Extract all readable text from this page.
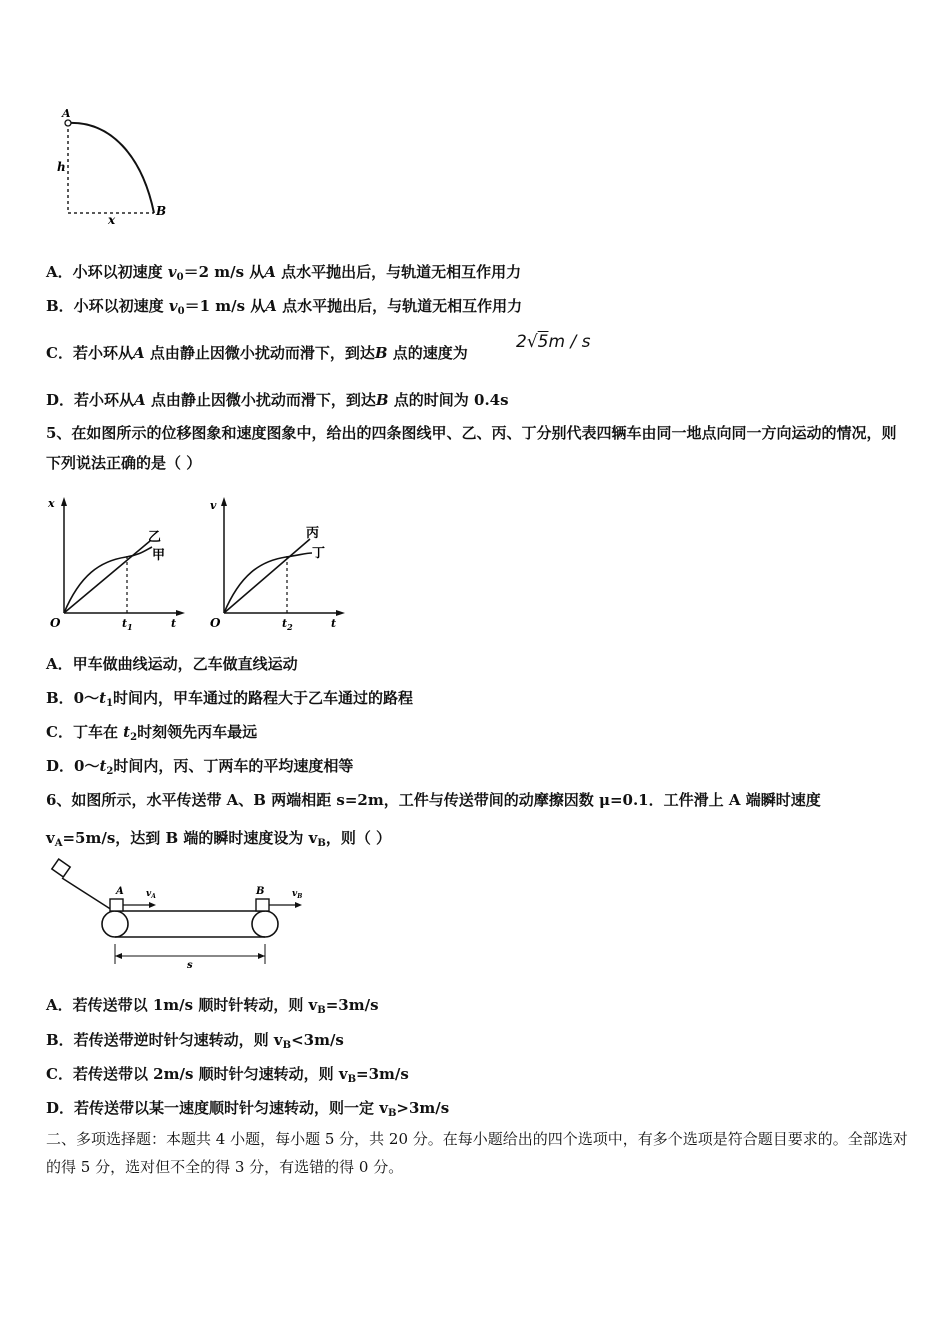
A
B
h
x
A．小环以初速度 $v_0=2$ m/s 从A 点水平抛出后，与轨道无相互作用力
B．小环以初速度 $v_0=1$ m/s 从A 点水平抛出后，与轨道无相互作用力
C．若小环从A 点由静止因微小扰动而滑下，到达B 点的速度为
2√5m / s
D．若小环从A 点由静止因微小扰动而滑下，到达B 点的时间为 0.4s
5、在如图所示的位移图象和速度图象中，给出的四条图线甲、乙、丙、丁分别代表四辆车由同一地点向同一方向运动的情况，则下列说法正确的是（ ）
x
t
O	$t_1$
乙
甲
v
t
O	$t_2$
丙
丁
A．甲车做曲线运动，乙车做直线运动
B．$0\sim t_1$时间内，甲车通过的路程大于乙车通过的路程
C．丁车在 $t_2$时刻领先丙车最远
D．$0\sim t_2$时间内，丙、丁两车的平均速度相等
6、如图所示，水平传送带 A、B 两端相距 s=2m，工件与传送带间的动摩擦因数 μ=0.1．工件滑上 A 端瞬时速度
$v_A=5m/s$，达到 B 端的瞬时速度设为 $v_B$，则（ ）
A	B
$v_A$	$v_B$
s
A．若传送带以 1m/s 顺时针转动，则 $v_B=3m/s$
B．若传送带逆时针匀速转动，则 $v_B<3m/s$
C．若传送带以 2m/s 顺时针匀速转动，则 $v_B=3m/s$
D．若传送带以某一速度顺时针匀速转动，则一定 $v_B>3m/s$
二、多项选择题：本题共 4 小题，每小题 5 分，共 20 分。在每小题给出的四个选项中，有多个选项是符合题目要求的。全部选对的得 5 分，选对但不全的得 3 分，有选错的得 0 分。
